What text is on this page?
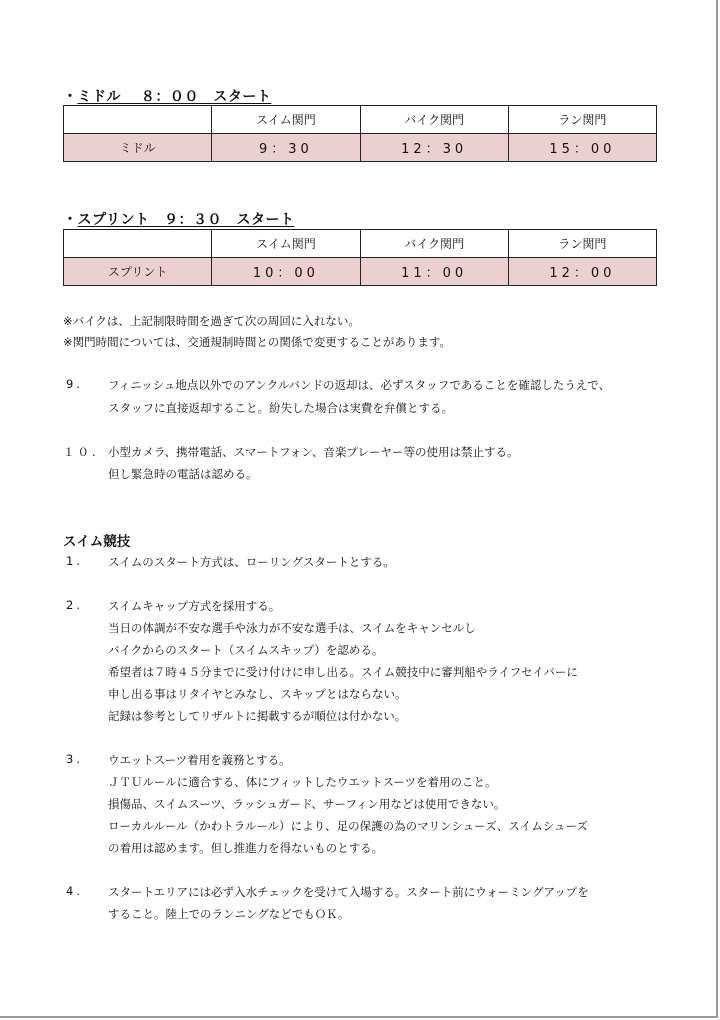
・ミドル　 ８：００　スタート
	スイム関門	バイク関門	ラン関門
ミドル	9：30	12：30	15：00
・スプリント　９：３０　スタート
	スイム関門	バイク関門	ラン関門
スプリント	10：00	11：00	12：00
※バイクは、上記制限時間を過ぎて次の周回に入れない。
※関門時間については、交通規制時間との関係で変更することがあります。
9. フィニッシュ地点以外でのアンクルバンドの返却は、必ずスタッフであることを確認したうえで、
スタッフに直接返却すること。紛失した場合は実費を弁償とする。
１０. 小型カメラ、携帯電話、スマートフォン、音楽プレーヤー等の使用は禁止する。
但し緊急時の電話は認める。
スイム競技
1. スイムのスタート方式は、ローリングスタートとする。
2. スイムキャップ方式を採用する。
当日の体調が不安な選手や泳力が不安な選手は、スイムをキャンセルし
バイクからのスタート（スイムスキップ）を認める。
希望者は７時４５分までに受け付けに申し出る。スイム競技中に審判船やライフセイバーに
申し出る事はリタイヤとみなし、スキップとはならない。
記録は参考としてリザルトに掲載するが順位は付かない。
3. ウエットスーツ着用を義務とする。
ＪＴＵルールに適合する、体にフィットしたウエットスーツを着用のこと。
損傷品、スイムスーツ、ラッシュガード、サーフィン用などは使用できない。
ローカルルール（かわトラルール）により、足の保護の為のマリンシューズ、スイムシューズ
の着用は認めます。但し推進力を得ないものとする。
4. スタートエリアには必ず入水チェックを受けて入場する。スタート前にウォーミングアップを
すること。陸上でのランニングなどでもＯＫ。
